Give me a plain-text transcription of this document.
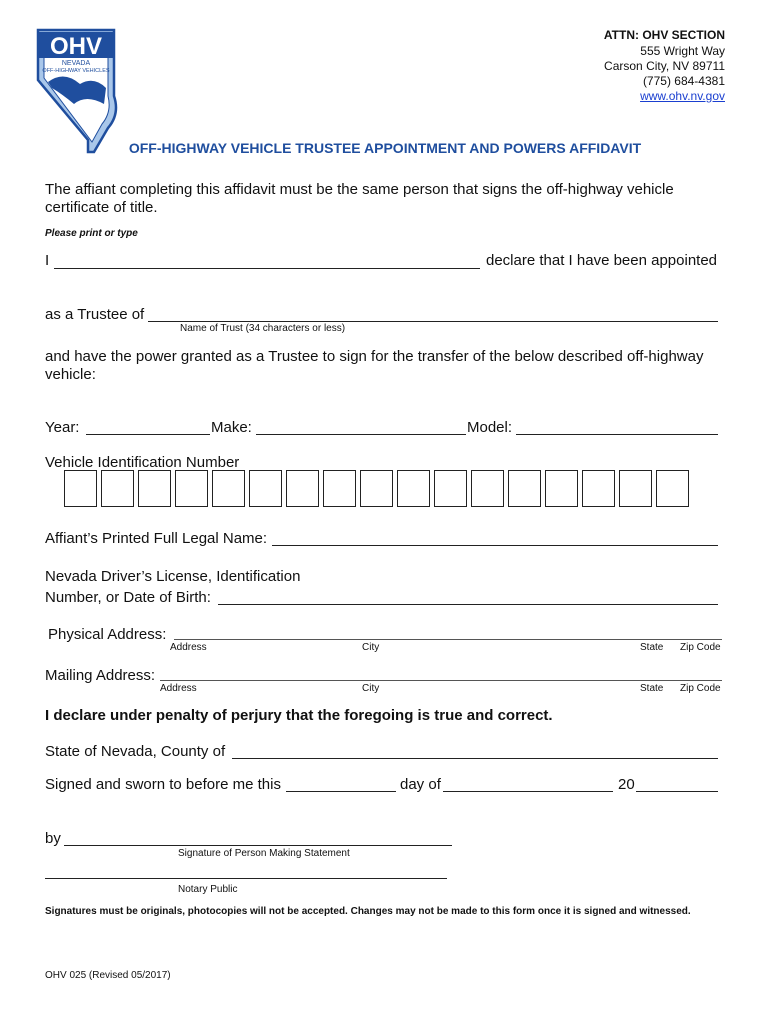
OHV
NEVADA
OFF-HIGHWAY VEHICLES
ATTN: OHV SECTION
555 Wright Way
Carson City, NV 89711
(775) 684-4381
www.ohv.nv.gov
OFF-HIGHWAY VEHICLE TRUSTEE APPOINTMENT AND POWERS AFFIDAVIT
The affiant completing this affidavit must be the same person that signs the off-highway vehicle
certificate of title.
Please print or type
I	declare that I have been appointed
as a Trustee of
Name of Trust (34 characters or less)
and have the power granted as a Trustee to sign for the transfer of the below described off-highway
vehicle:
Year:	Make:	Model:
Vehicle Identification Number
Affiant’s Printed Full Legal Name:
Nevada Driver’s License, Identification
Number, or Date of Birth:
Physical Address:
Address	City	State Zip Code
Mailing Address:
Address	City	State Zip Code
I declare under penalty of perjury that the foregoing is true and correct.
State of Nevada, County of
Signed and sworn to before me this	day of	20
by
Signature of Person Making Statement
Notary Public
Signatures must be originals, photocopies will not be accepted. Changes may not be made to this form once it is signed and witnessed.
OHV 025 (Revised 05/2017)
